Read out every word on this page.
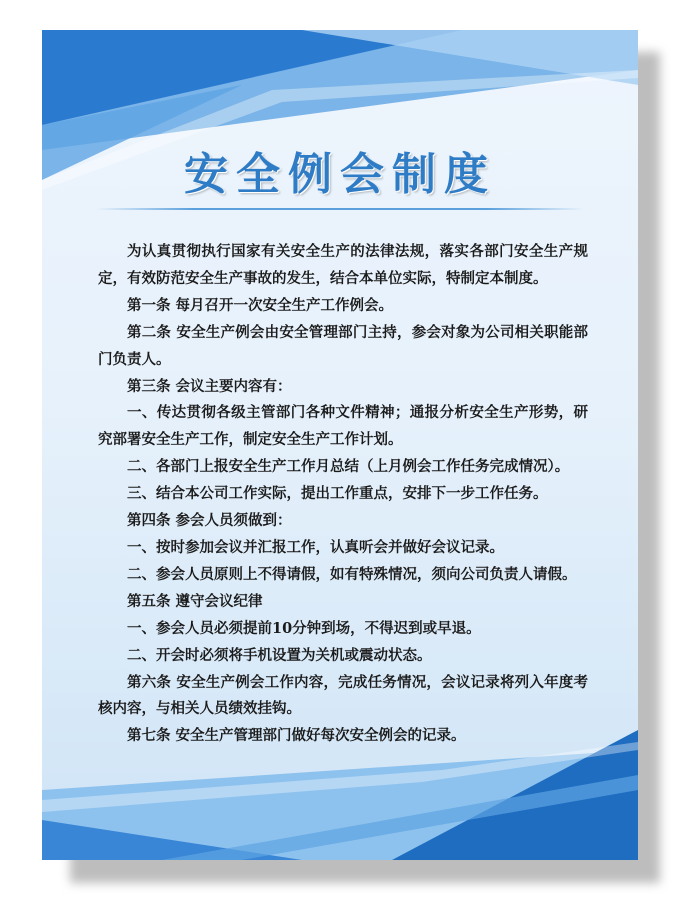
安全例会制度

为认真贯彻执行国家有关安全生产的法律法规，落实各部门安全生产规定，有效防范安全生产事故的发生，结合本单位实际，特制定本制度。

第一条 每月召开一次安全生产工作例会。

第二条 安全生产例会由安全管理部门主持，参会对象为公司相关职能部门负责人。

第三条 会议主要内容有：

一、传达贯彻各级主管部门各种文件精神；通报分析安全生产形势，研究部署安全生产工作，制定安全生产工作计划。

二、各部门上报安全生产工作月总结（上月例会工作任务完成情况）。

三、结合本公司工作实际，提出工作重点，安排下一步工作任务。

第四条 参会人员须做到：

一、按时参加会议并汇报工作，认真听会并做好会议记录。

二、参会人员原则上不得请假，如有特殊情况，须向公司负责人请假。

第五条 遵守会议纪律

一、参会人员必须提前10分钟到场，不得迟到或早退。

二、开会时必须将手机设置为关机或震动状态。

第六条 安全生产例会工作内容，完成任务情况，会议记录将列入年度考核内容，与相关人员绩效挂钩。

第七条 安全生产管理部门做好每次安全例会的记录。
